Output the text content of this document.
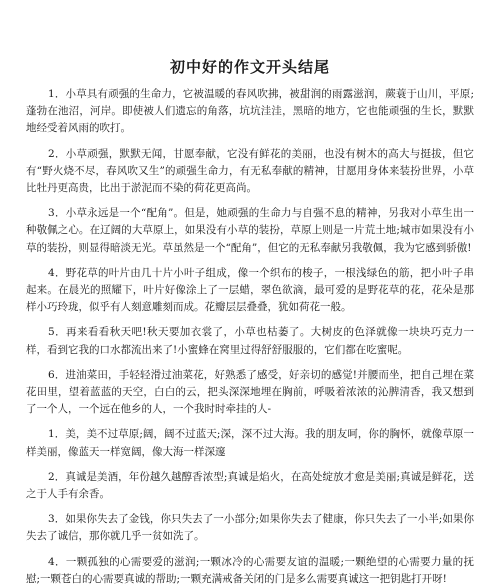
初中好的作文开头结尾

1．小草具有顽强的生命力，它被温暖的春风吹拂，被甜润的雨露滋润，蕨蓑于山川，平原;蓬勃在池沼，河岸。即使被人们遗忘的角落，坑坑洼洼，黑暗的地方，它也能顽强的生长，默默地经受着风雨的吹打。

2．小草顽强，默默无闻，甘愿奉献，它没有鲜花的美丽，也没有树木的高大与挺拔，但它有“野火烧不尽，春风吹又生”的顽强生命力，有无私奉献的精神，甘愿用身体来装扮世界，小草比牡丹更高贵，比出于淤泥而不染的荷花更高尚。

3．小草永远是一个“配角”。但是，她顽强的生命力与自强不息的精神，另我对小草生出一种敬佩之心。在辽阔的大草原上，如果没有小草的装扮，草原上则是一片荒土地;城市如果没有小草的装扮，则显得暗淡无光。草虽然是一个“配角”，但它的无私奉献另我敬佩，我为它感到骄傲!

4．野花草的叶片由几十片小叶子组成，像一个织布的梭子，一根浅绿色的筋，把小叶子串起来。在晨光的照耀下，叶片好像涂上了一层蜡，翠色欲滴，最可爱的是野花草的花，花朵是那样小巧玲珑，似乎有人刻意雕刻而成。花瓣层层叠叠，犹如荷花一般。

5．再来看看秋天吧!秋天要加衣裳了，小草也枯萎了。大树皮的色泽就像一块块巧克力一样，看到它我的口水都流出来了!小蜜蜂在窝里过得舒舒服服的，它们都在吃蜜呢。

6．进油菜田，手轻轻滑过油菜花，好熟悉了感受，好亲切的感觉!并腰而坐，把自己埋在菜花田里，望着蓝蓝的天空，白白的云，把头深深地埋在胸前，呼吸着浓浓的沁脾清香，我又想到了一个人，一个远在他乡的人，一个我时时牵挂的人-

1．美，美不过草原;阔，阔不过蓝天;深，深不过大海。我的朋友呵，你的胸怀，就像草原一样美丽，像蓝天一样宽阔，像大海一样深邃

2．真诚是美酒，年份越久越醇香浓型;真诚是焰火，在高处绽放才愈是美丽;真诚是鲜花，送之于人手有余香。

3．如果你失去了金钱，你只失去了一小部分;如果你失去了健康，你只失去了一小半;如果你失去了诚信，那你就几乎一贫如洗了。

4．一颗孤独的心需要爱的滋润;一颗冰冷的心需要友谊的温暖;一颗绝望的心需要力量的抚慰;一颗苍白的心需要真诚的帮助;一颗充满戒备关闭的门是多么需要真诚这一把钥匙打开呀!
